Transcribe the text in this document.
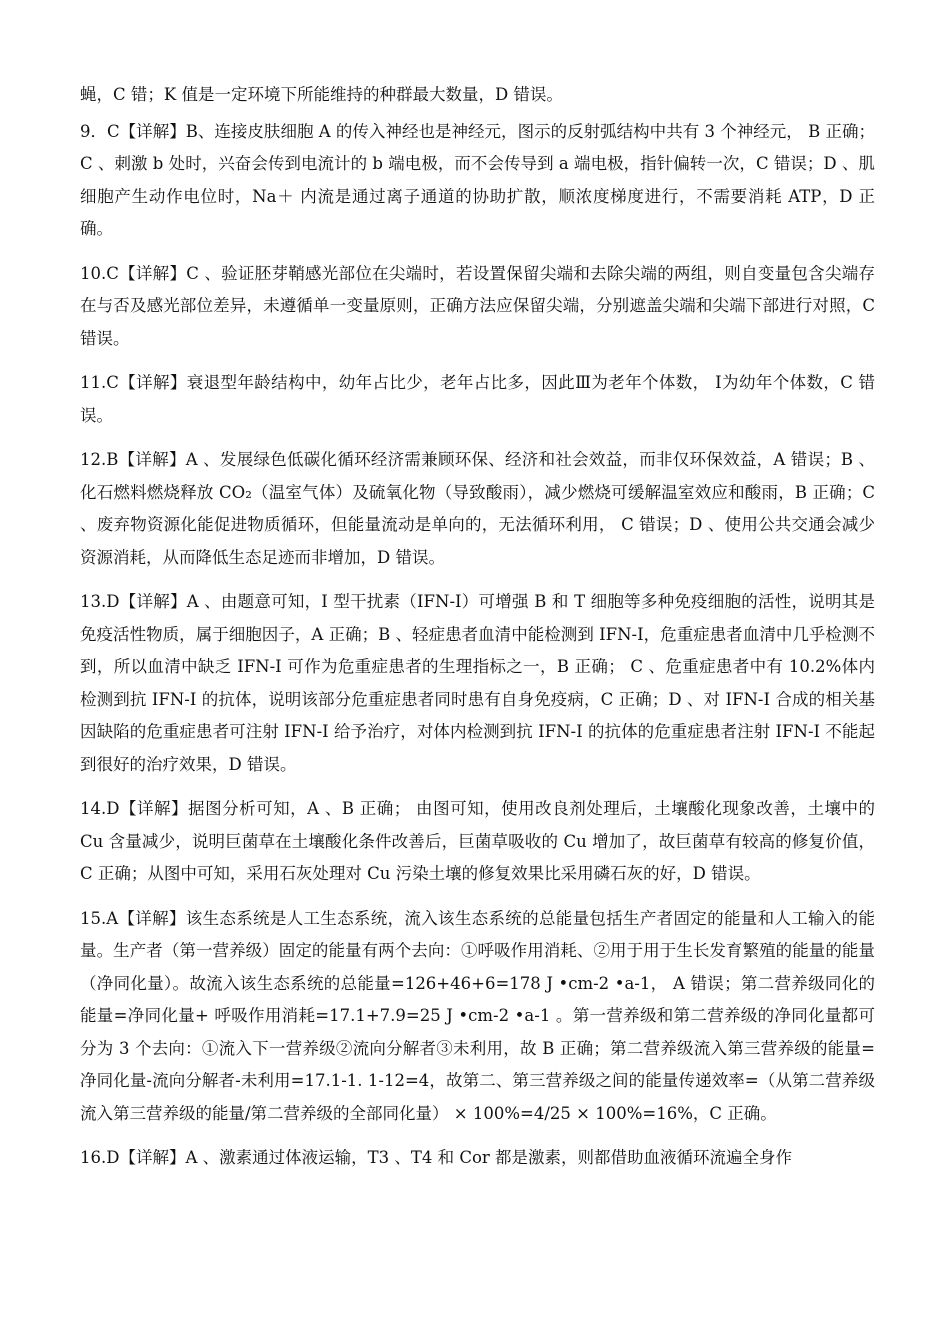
蝇，C 错；K 值是一定环境下所能维持的种群最大数量，D 错误。

9．C【详解】B、连接皮肤细胞 A 的传入神经也是神经元，图示的反射弧结构中共有 3 个神经元， B 正确；C 、刺激 b 处时，兴奋会传到电流计的 b 端电极，而不会传导到 a 端电极，指针偏转一次，C 错误；D 、肌细胞产生动作电位时，Na＋ 内流是通过离子通道的协助扩散，顺浓度梯度进行，不需要消耗 ATP，D 正确。

10.C【详解】C 、验证胚芽鞘感光部位在尖端时，若设置保留尖端和去除尖端的两组，则自变量包含尖端存在与否及感光部位差异，未遵循单一变量原则，正确方法应保留尖端，分别遮盖尖端和尖端下部进行对照，C 错误。

11.C【详解】衰退型年龄结构中，幼年占比少，老年占比多，因此Ⅲ为老年个体数， Ⅰ为幼年个体数，C 错误。

12.B【详解】A 、发展绿色低碳化循环经济需兼顾环保、经济和社会效益，而非仅环保效益，A 错误；B 、化石燃料燃烧释放 CO₂（温室气体）及硫氧化物（导致酸雨），减少燃烧可缓解温室效应和酸雨，B 正确；C 、废弃物资源化能促进物质循环，但能量流动是单向的，无法循环利用， C 错误；D 、使用公共交通会减少资源消耗，从而降低生态足迹而非增加，D 错误。

13.D【详解】A 、由题意可知，I 型干扰素（IFN-I）可增强 B 和 T 细胞等多种免疫细胞的活性，说明其是免疫活性物质，属于细胞因子，A 正确；B 、轻症患者血清中能检测到 IFN-I，危重症患者血清中几乎检测不到，所以血清中缺乏 IFN-I 可作为危重症患者的生理指标之一，B 正确； C 、危重症患者中有 10.2%体内检测到抗 IFN-I 的抗体，说明该部分危重症患者同时患有自身免疫病，C 正确；D 、对 IFN-I 合成的相关基因缺陷的危重症患者可注射 IFN-I 给予治疗，对体内检测到抗 IFN-I 的抗体的危重症患者注射 IFN-I 不能起到很好的治疗效果，D 错误。

14.D【详解】据图分析可知，A 、B 正确； 由图可知，使用改良剂处理后，土壤酸化现象改善，土壤中的 Cu 含量减少，说明巨菌草在土壤酸化条件改善后，巨菌草吸收的 Cu 增加了，故巨菌草有较高的修复价值，C 正确；从图中可知，采用石灰处理对 Cu 污染土壤的修复效果比采用磷石灰的好，D 错误。

15.A【详解】该生态系统是人工生态系统，流入该生态系统的总能量包括生产者固定的能量和人工输入的能量。生产者（第一营养级）固定的能量有两个去向：①呼吸作用消耗、②用于用于生长发育繁殖的能量的能量（净同化量）。故流入该生态系统的总能量=126+46+6=178 J •cm-2 •a-1， A 错误；第二营养级同化的能量=净同化量+ 呼吸作用消耗=17.1+7.9=25 J •cm-2 •a-1 。第一营养级和第二营养级的净同化量都可分为 3 个去向：①流入下一营养级②流向分解者③未利用，故 B 正确；第二营养级流入第三营养级的能量=净同化量-流向分解者-未利用=17.1-1. 1-12=4，故第二、第三营养级之间的能量传递效率=（从第二营养级流入第三营养级的能量/第二营养级的全部同化量） × 100%=4/25 × 100%=16%，C 正确。

16.D【详解】A 、激素通过体液运输，T3 、T4 和 Cor 都是激素，则都借助血液循环流遍全身作
